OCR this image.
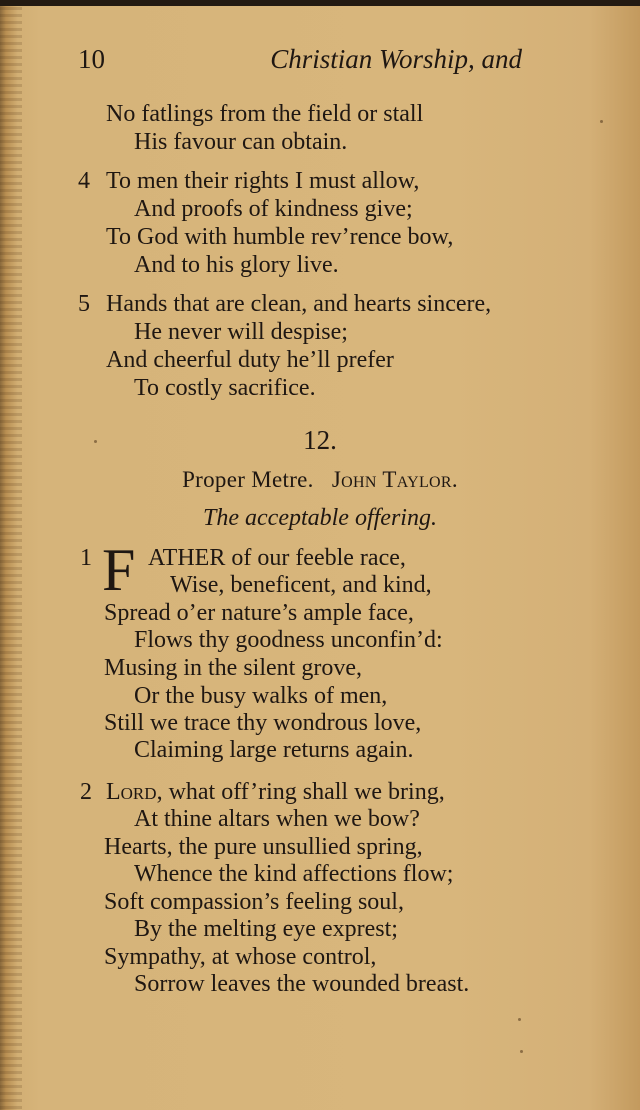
10	Christian Worship, and
No fatlings from the field or stall
His favour can obtain.
4 To men their rights I must allow,
And proofs of kindness give;
To God with humble rev’rence bow,
And to his glory live.
5 Hands that are clean, and hearts sincere,
He never will despise;
And cheerful duty he’ll prefer
To costly sacrifice.
12.
Proper Metre. John Taylor.
The acceptable offering.
1 F ATHER of our feeble race,
Wise, beneficent, and kind,
Spread o’er nature’s ample face,
Flows thy goodness unconfin’d:
Musing in the silent grove,
Or the busy walks of men,
Still we trace thy wondrous love,
Claiming large returns again.
2 Lord, what off’ring shall we bring,
At thine altars when we bow?
Hearts, the pure unsullied spring,
Whence the kind affections flow;
Soft compassion’s feeling soul,
By the melting eye exprest;
Sympathy, at whose control,
Sorrow leaves the wounded breast.
